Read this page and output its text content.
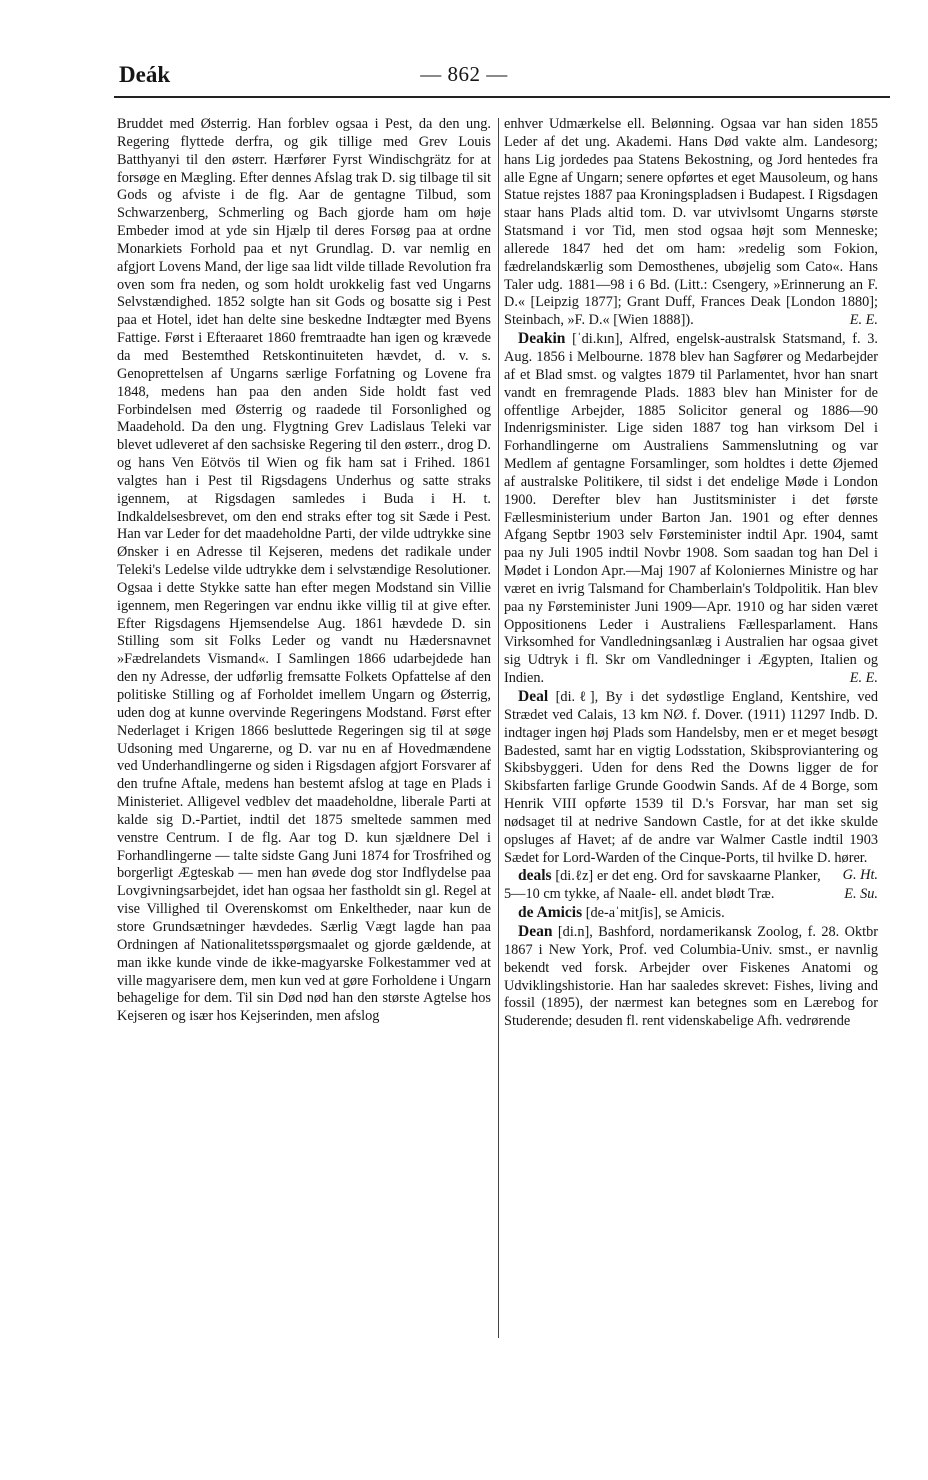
Deák	— 862 —

Bruddet med Østerrig. Han forblev ogsaa i Pest, da den ung. Regering flyttede derfra, og gik tillige med Grev Louis Batthyanyi til den østerr. Hærfører Fyrst Windischgrätz for at forsøge en Mægling. Efter dennes Afslag trak D. sig tilbage til sit Gods og afviste i de flg. Aar de gentagne Tilbud, som Schwarzenberg, Schmerling og Bach gjorde ham om høje Embeder imod at yde sin Hjælp til deres Forsøg paa at ordne Monarkiets Forhold paa et nyt Grundlag. D. var nemlig en afgjort Lovens Mand, der lige saa lidt vilde tillade Revolution fra oven som fra neden, og som holdt urokkelig fast ved Ungarns Selvstændighed. 1852 solgte han sit Gods og bosatte sig i Pest paa et Hotel, idet han delte sine beskedne Indtægter med Byens Fattige. Først i Efteraaret 1860 fremtraadte han igen og krævede da med Bestemthed Retskontinuiteten hævdet, d. v. s. Genoprettelsen af Ungarns særlige Forfatning og Lovene fra 1848, medens han paa den anden Side holdt fast ved Forbindelsen med Østerrig og raadede til Forsonlighed og Maadehold. Da den ung. Flygtning Grev Ladislaus Teleki var blevet udleveret af den sachsiske Regering til den østerr., drog D. og hans Ven Eötvös til Wien og fik ham sat i Frihed. 1861 valgtes han i Pest til Rigsdagens Underhus og satte straks igennem, at Rigsdagen samledes i Buda i H. t. Indkaldelsesbrevet, om den end straks efter tog sit Sæde i Pest. Han var Leder for det maadeholdne Parti, der vilde udtrykke sine Ønsker i en Adresse til Kejseren, medens det radikale under Teleki's Ledelse vilde udtrykke dem i selvstændige Resolutioner. Ogsaa i dette Stykke satte han efter megen Modstand sin Villie igennem, men Regeringen var endnu ikke villig til at give efter. Efter Rigsdagens Hjemsendelse Aug. 1861 hævdede D. sin Stilling som sit Folks Leder og vandt nu Hædersnavnet »Fædrelandets Vismand«. I Samlingen 1866 udarbejdede han den ny Adresse, der udførlig fremsatte Folkets Opfattelse af den politiske Stilling og af Forholdet imellem Ungarn og Østerrig, uden dog at kunne overvinde Regeringens Modstand. Først efter Nederlaget i Krigen 1866 besluttede Regeringen sig til at søge Udsoning med Ungarerne, og D. var nu en af Hovedmændene ved Underhandlingerne og siden i Rigsdagen afgjort Forsvarer af den trufne Aftale, medens han bestemt afslog at tage en Plads i Ministeriet. Alligevel vedblev det maadeholdne, liberale Parti at kalde sig D.-Partiet, indtil det 1875 smeltede sammen med venstre Centrum. I de flg. Aar tog D. kun sjældnere Del i Forhandlingerne — talte sidste Gang Juni 1874 for Trosfrihed og borgerligt Ægteskab — men han øvede dog stor Indflydelse paa Lovgivningsarbejdet, idet han ogsaa her fastholdt sin gl. Regel at vise Villighed til Overenskomst om Enkeltheder, naar kun de store Grundsætninger hævdedes. Særlig Vægt lagde han paa Ordningen af Nationalitetsspørgsmaalet og gjorde gældende, at man ikke kunde vinde de ikke-magyarske Folkestammer ved at ville magyarisere dem, men kun ved at gøre Forholdene i Ungarn behagelige for dem. Til sin Død nød han den største Agtelse hos Kejseren og især hos Kejserinden, men afslog

enhver Udmærkelse ell. Belønning. Ogsaa var han siden 1855 Leder af det ung. Akademi. Hans Død vakte alm. Landesorg; hans Lig jordedes paa Statens Bekostning, og Jord hentedes fra alle Egne af Ungarn; senere opførtes et eget Mausoleum, og hans Statue rejstes 1887 paa Kroningspladsen i Budapest. I Rigsdagen staar hans Plads altid tom. D. var utvivlsomt Ungarns største Statsmand i vor Tid, men stod ogsaa højt som Menneske; allerede 1847 hed det om ham: »redelig som Fokion, fædrelandskærlig som Demosthenes, ubøjelig som Cato«. Hans Taler udg. 1881—98 i 6 Bd. (Litt.: Csengery, »Erinnerung an F. D.« [Leipzig 1877]; Grant Duff, Frances Deak [London 1880]; Steinbach, »F. D.« [Wien 1888]).	E. E.

Deakin [ˈdi.kın], Alfred, engelsk-australsk Statsmand, f. 3. Aug. 1856 i Melbourne. 1878 blev han Sagfører og Medarbejder af et Blad smst. og valgtes 1879 til Parlamentet, hvor han snart vandt en fremragende Plads. 1883 blev han Minister for de offentlige Arbejder, 1885 Solicitor general og 1886—90 Indenrigsminister. Lige siden 1887 tog han virksom Del i Forhandlingerne om Australiens Sammenslutning og var Medlem af gentagne Forsamlinger, som holdtes i dette Øjemed af australske Politikere, til sidst i det endelige Møde i London 1900. Derefter blev han Justitsminister i det første Fællesministerium under Barton Jan. 1901 og efter dennes Afgang Septbr 1903 selv Førsteminister indtil Apr. 1904, samt paa ny Juli 1905 indtil Novbr 1908. Som saadan tog han Del i Mødet i London Apr.—Maj 1907 af Koloniernes Ministre og har været en ivrig Talsmand for Chamberlain's Toldpolitik. Han blev paa ny Førsteminister Juni 1909—Apr. 1910 og har siden været Oppositionens Leder i Australiens Fællesparlament. Hans Virksomhed for Vandledningsanlæg i Australien har ogsaa givet sig Udtryk i fl. Skr om Vandledninger i Ægypten, Italien og Indien.	E. E.

Deal [di.ℓ], By i det sydøstlige England, Kentshire, ved Strædet ved Calais, 13 km NØ. f. Dover. (1911) 11297 Indb. D. indtager ingen høj Plads som Handelsby, men er et meget besøgt Badested, samt har en vigtig Lodsstation, Skibsproviantering og Skibsbyggeri. Uden for dens Red the Downs ligger de for Skibsfarten farlige Grunde Goodwin Sands. Af de 4 Borge, som Henrik VIII opførte 1539 til D.'s Forsvar, har man set sig nødsaget til at nedrive Sandown Castle, for at det ikke skulde opsluges af Havet; af de andre var Walmer Castle indtil 1903 Sædet for Lord-Warden of the Cinque-Ports, til hvilke D. hører.
G. Ht.

deals [di.ℓz] er det eng. Ord for savskaarne Planker, 5—10 cm tykke, af Naale- ell. andet blødt Træ.	E. Su.

de Amicis [de-aˈmitʃis], se Amicis.

Dean [di.n], Bashford, nordamerikansk Zoolog, f. 28. Oktbr 1867 i New York, Prof. ved Columbia-Univ. smst., er navnlig bekendt ved forsk. Arbejder over Fiskenes Anatomi og Udviklingshistorie. Han har saaledes skrevet: Fishes, living and fossil (1895), der nærmest kan betegnes som en Lærebog for Studerende; desuden fl. rent videnskabelige Afh. vedrørende
